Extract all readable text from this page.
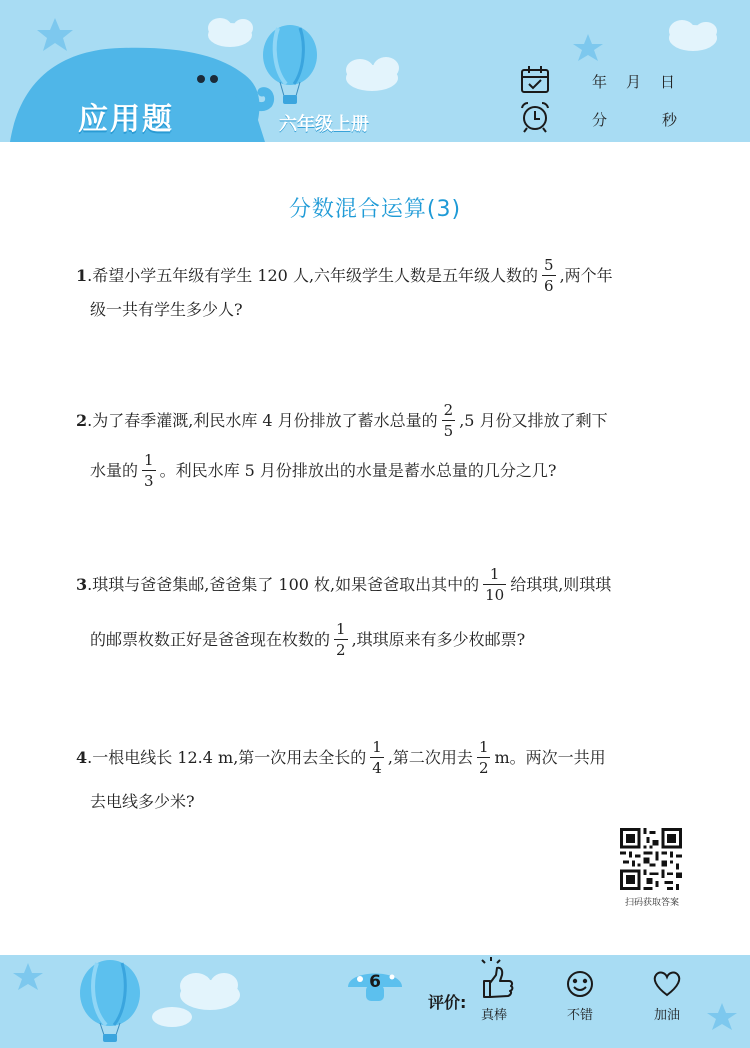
应用题	六年级上册
年 月 日
分	秒
分数混合运算(3)
1 .希望小学五年级有学生 120 人,六年级学生人数是五年级人数的 $\frac{5}{6}$ ,两个年
级一共有学生多少人?
2 .为了春季灌溉,利民水库 4 月份排放了蓄水总量的 $\frac{2}{5} ,5$ 月份又排放了剩下
水量的 $\frac{1}{3}$ 。利民水库 5 月份排放出的水量是蓄水总量的几分之几?
3 .琪琪与爸爸集邮,爸爸集了 100 枚,如果爸爸取出其中的 $\frac{1}{10}$ 给琪琪,则琪琪
的邮票枚数正好是爸爸现在枚数的 $\frac{1}{2}$ ,琪琪原来有多少枚邮票?
4 .一根电线长 12.4 m,第一次用去全长的 $\frac{1}{4}$ ,第二次用去 $\frac{1}{2}$ m。两次一共用
去电线多少米?
扫码获取答案
6
评价:
真棒	不错	加油
